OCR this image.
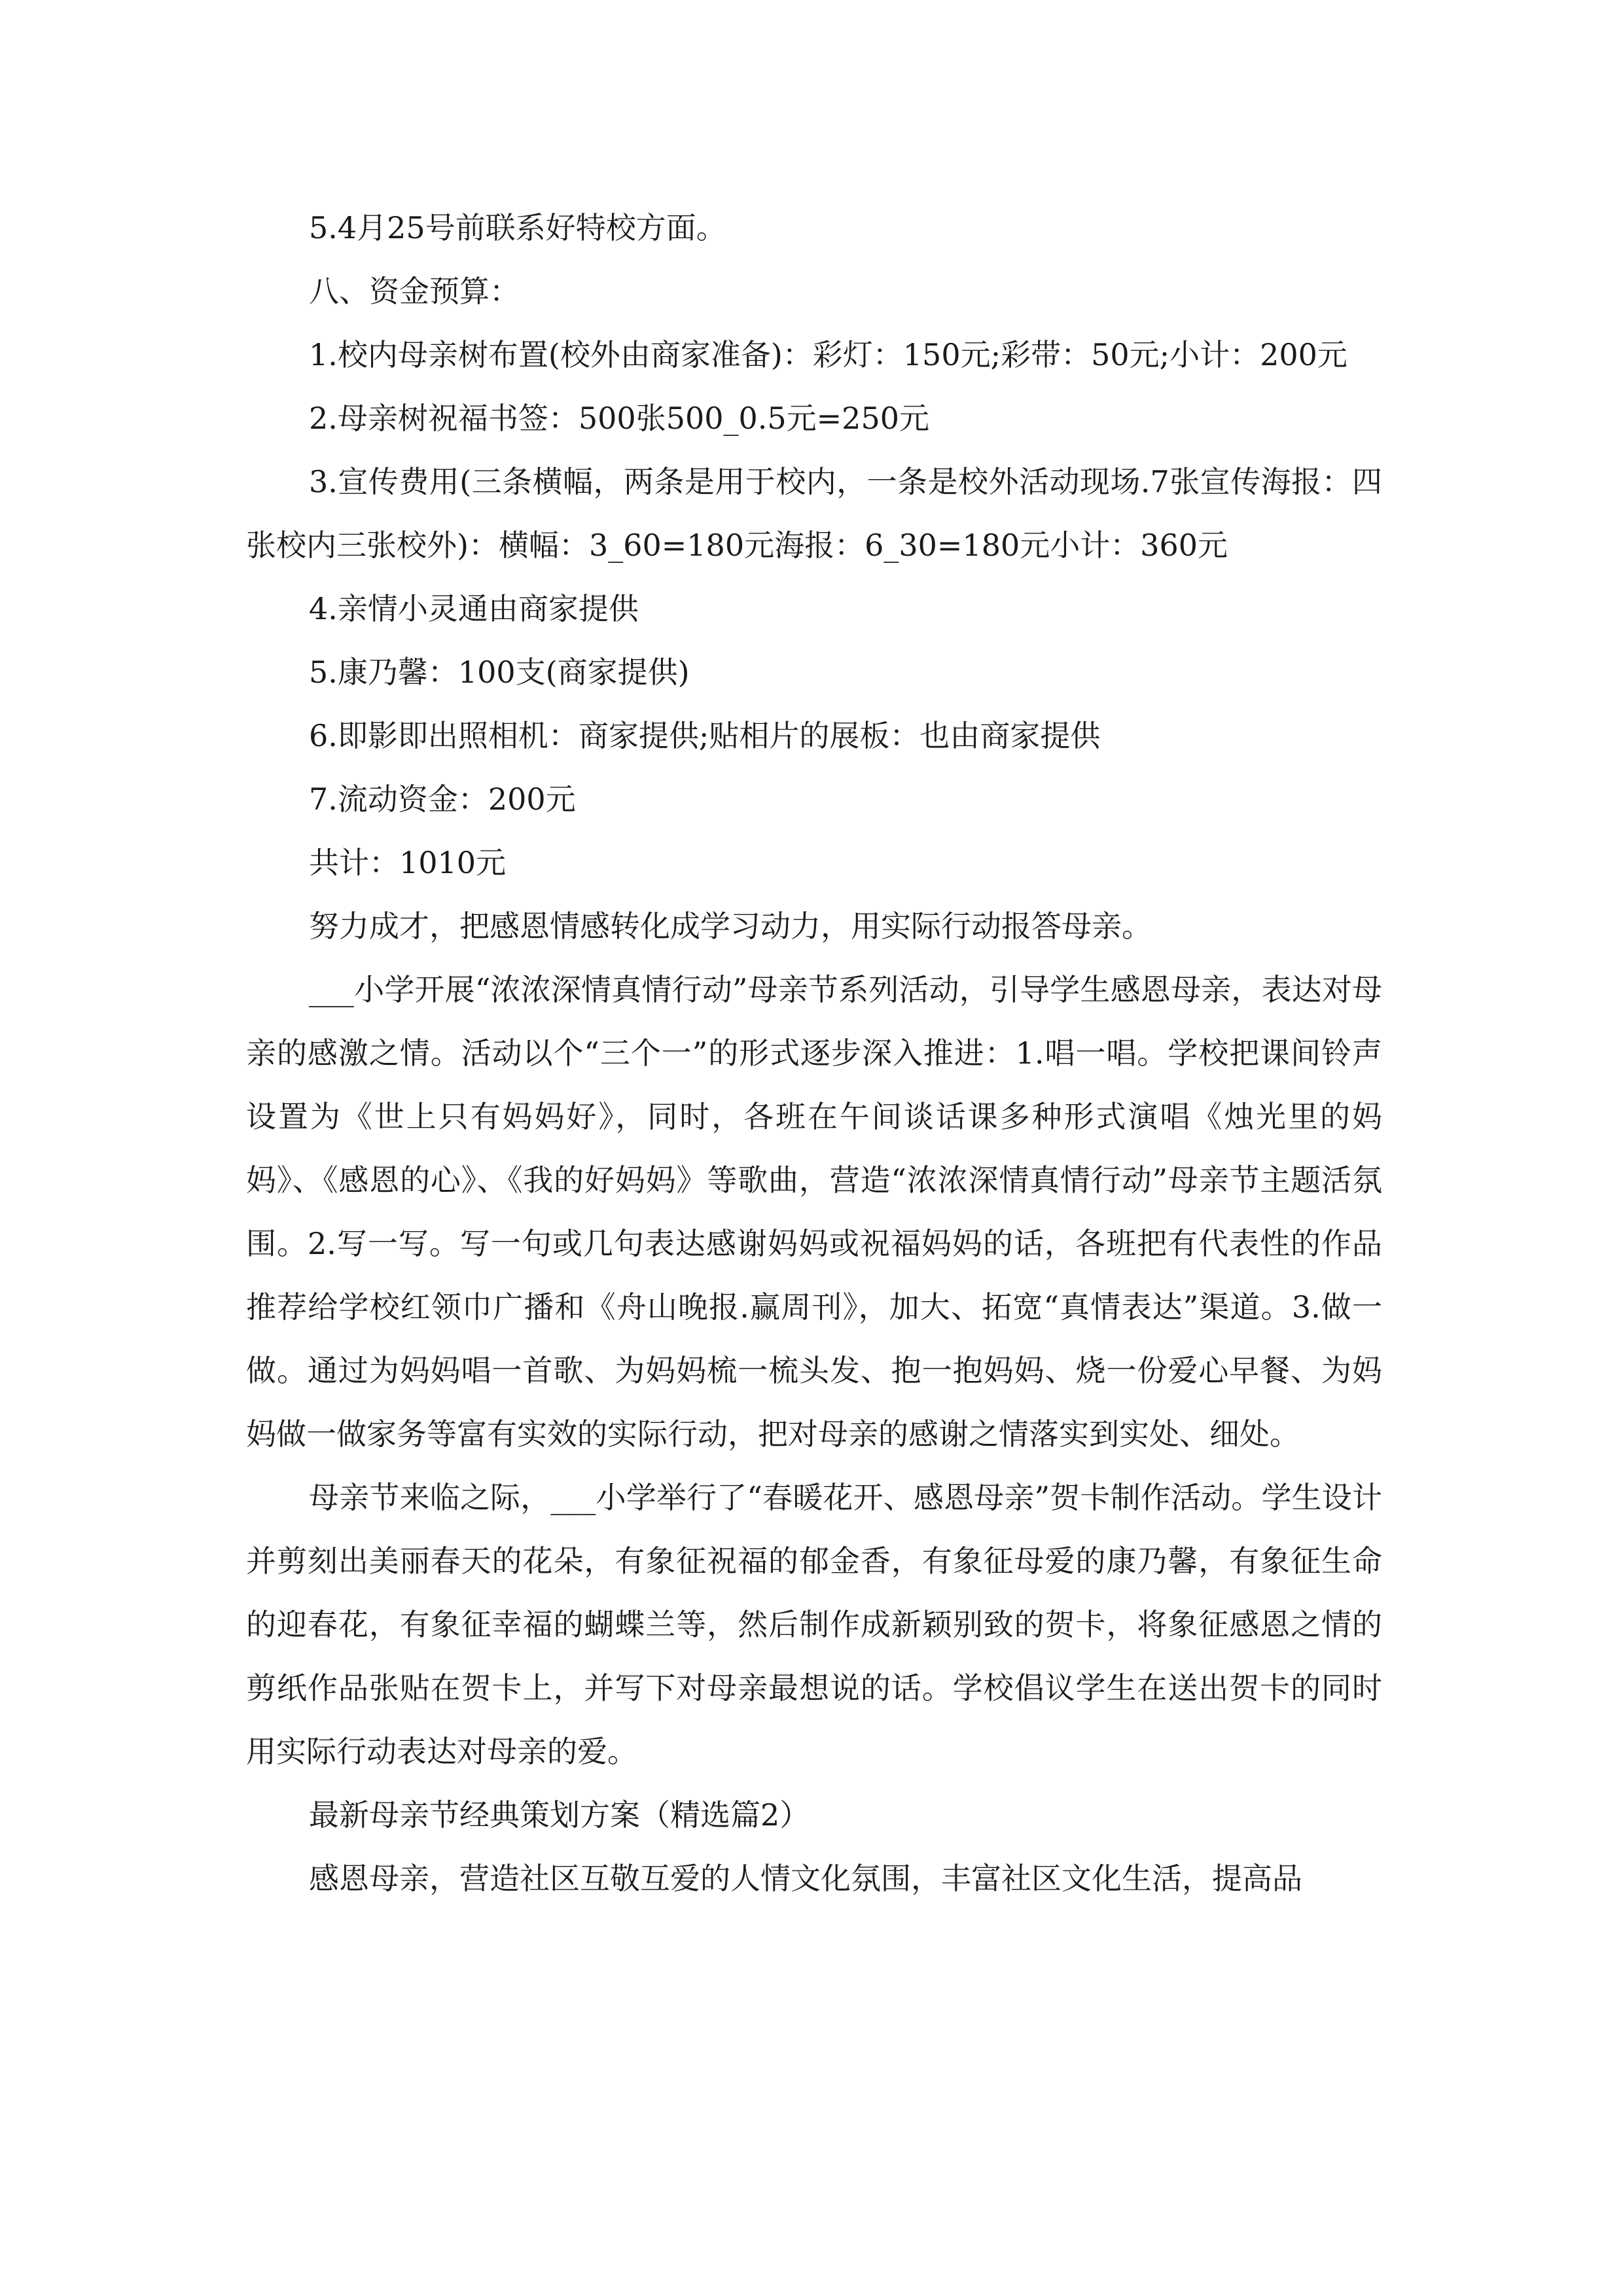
5.4月25号前联系好特校方面。

八、资金预算：

1.校内母亲树布置(校外由商家准备)：彩灯：150元;彩带：50元;小计：200元

2.母亲树祝福书签：500张500_0.5元=250元

3.宣传费用(三条横幅，两条是用于校内，一条是校外活动现场.7张宣传海报：四张校内三张校外)：横幅：3_60=180元海报：6_30=180元小计：360元

4.亲情小灵通由商家提供

5.康乃馨：100支(商家提供)

6.即影即出照相机：商家提供;贴相片的展板：也由商家提供

7.流动资金：200元

共计：1010元

努力成才，把感恩情感转化成学习动力，用实际行动报答母亲。

___小学开展“浓浓深情真情行动”母亲节系列活动，引导学生感恩母亲，表达对母亲的感激之情。活动以个“三个一”的形式逐步深入推进：1.唱一唱。学校把课间铃声设置为《世上只有妈妈好》，同时，各班在午间谈话课多种形式演唱《烛光里的妈妈》、《感恩的心》、《我的好妈妈》等歌曲，营造“浓浓深情真情行动”母亲节主题活氛围。2.写一写。写一句或几句表达感谢妈妈或祝福妈妈的话，各班把有代表性的作品推荐给学校红领巾广播和《舟山晚报.赢周刊》，加大、拓宽“真情表达”渠道。3.做一做。通过为妈妈唱一首歌、为妈妈梳一梳头发、抱一抱妈妈、烧一份爱心早餐、为妈妈做一做家务等富有实效的实际行动，把对母亲的感谢之情落实到实处、细处。

母亲节来临之际，___小学举行了“春暖花开、感恩母亲”贺卡制作活动。学生设计并剪刻出美丽春天的花朵，有象征祝福的郁金香，有象征母爱的康乃馨，有象征生命的迎春花，有象征幸福的蝴蝶兰等，然后制作成新颖别致的贺卡，将象征感恩之情的剪纸作品张贴在贺卡上，并写下对母亲最想说的话。学校倡议学生在送出贺卡的同时用实际行动表达对母亲的爱。

最新母亲节经典策划方案（精选篇2）

感恩母亲，营造社区互敬互爱的人情文化氛围，丰富社区文化生活，提高品
